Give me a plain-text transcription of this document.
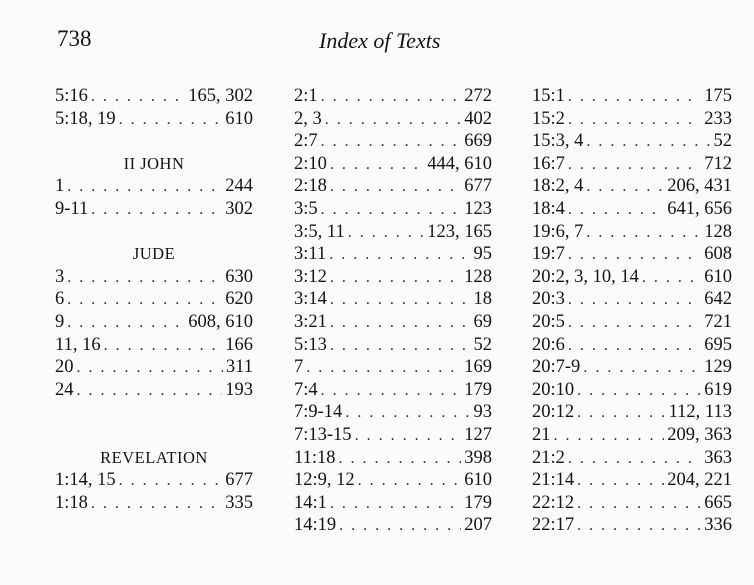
738	Index of Texts
5:16 . . .	165, 302
5:18, 19 . . .	610
II JOHN
1 . . .	244
9-11 . . .	302
JUDE
3 . . .	630
6 . . .	620
9 . . .	608, 610
11, 16 . . .	166
20 . . .	311
24 . . .	193
REVELATION
1:14, 15 . . .	677
1:18 . . .	335
2:1 . . .	272
2, 3 . . .	402
2:7 . . .	669
2:10 . . .	444, 610
2:18 . . .	677
3:5 . . .	123
3:5, 11 . . .	123, 165
3:11 . . .	95
3:12 . . .	128
3:14 . . .	18
3:21 . . .	69
5:13 . . .	52
7 . . .	169
7:4 . . .	179
7:9-14 . . .	93
7:13-15 . . .	127
11:18 . . .	398
12:9, 12 . . .	610
14:1 . . .	179
14:19 . . .	207
15:1 . . .	175
15:2 . . .	233
15:3, 4 . . .	52
16:7 . . .	712
18:2, 4 . . .	206, 431
18:4 . . .	641, 656
19:6, 7 . . .	128
19:7 . . .	608
20:2, 3, 10, 14 . . .	610
20:3 . . .	642
20:5 . . .	721
20:6 . . .	695
20:7-9 . . .	129
20:10 . . .	619
20:12 . . .	112, 113
21 . . .	209, 363
21:2 . . .	363
21:14 . . .	204, 221
22:12 . . .	665
22:17 . . .	336
